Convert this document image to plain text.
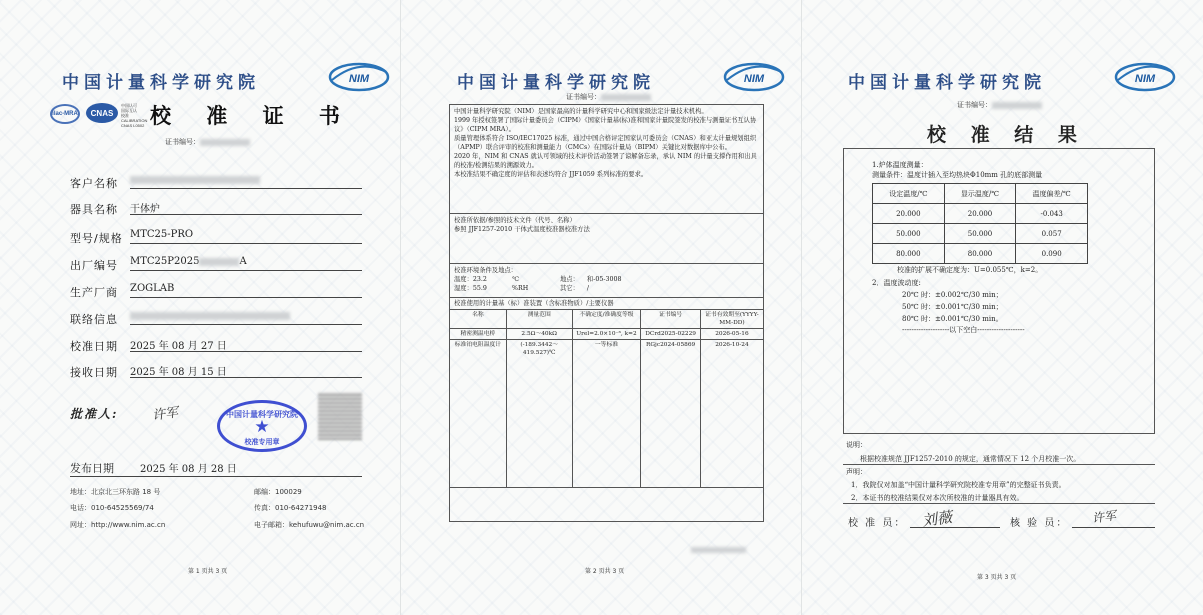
中国计量科学研究院	NIM
ilac-MRA	CNAS
中国认可
国际互认
校准
CALIBRATION
CNAS L0502 校 准 证 书
证书编号：
客户名称
器具名称 干体炉
型号/规格 MTC25-PRO
出厂编号 MTC25P2025	A
生产厂商 ZOGLAB
联络信息
校准日期 2025 年 08 月 27 日
接收日期 2025 年 08 月 15 日
批准人:	许军	中国计量科学研究院
★
校准专用章
发布日期	2025 年 08 月 28 日
地址：北京北三环东路 18 号	邮编：100029
电话：010-64525569/74	传真：010-64271948
网址：http://www.nim.ac.cn	电子邮箱：kehufuwu@nim.ac.cn
第 1 页共 3 页
中国计量科学研究院	NIM
证书编号：
中国计量科学研究院（NIM）是国家最高的计量科学研究中心和国家级法定计量技术机构。
1999 年授权签署了国际计量委员会（CIPM）《国家计量基(标)准和国家计量院签发的校准与测量证书互认协议》（CIPM MRA）。
质量管理体系符合 ISO/IEC17025 标准，通过中国合格评定国家认可委员会（CNAS）和亚太计量规划组织（APMP）联合评审的校准和测量能力（CMCs）在国际计量局（BIPM）关键比对数据库中公布。
2020 年，NIM 和 CNAS 就认可领域的技术评价活动签署了谅解备忘录，承认 NIM 的计量支撑作用和出具的校准/检测结果的溯源效力。
本校准结果不确定度的评估和表述均符合 JJF1059 系列标准的要求。
校准所依据/参照的技术文件（代号、名称）
参照 JJF1257-2010 干体式温度校准器校准方法
校准环境条件及地点：
温度：23.2	℃	地点： 和-05-3008
湿度：55.9	%RH	其它： /
校准使用的计量基（标）准装置（含标准物质）/主要仪器
名称	测量范围	不确定度/准确度等级	证书编号	证书有效期至(YYYY-MM-DD)
精密测温电桥	2.5Ω～40kΩ	Urel=2.0×10⁻⁶, k=2	DCrd2025-02229	2026-05-16
标准铂电阻温度计	(-189.3442～419.527)℃	一等标准	RGjc2024-05869	2026-10-24
第 2 页共 3 页
中国计量科学研究院	NIM
证书编号：
校 准 结 果
1.炉体温度测量：
测量条件：温度计插入至均热块Φ10mm 孔的底部测量
设定温度/℃	显示温度/℃	温度偏差/℃
20.000	20.000	-0.043
50.000	50.000	0.057
80.000	80.000	0.090
校准的扩展不确定度为：U=0.055℃，k=2。
2．温度波动度:
20℃ 时：±0.002℃/30 min；
50℃ 时：±0.001℃/30 min；
80℃ 时：±0.001℃/30 min。
--------------------以下空白--------------------
说明：
根据校准规范 JJF1257-2010 的规定，通常情况下 12 个月校准一次。
声明：
1．我院仅对加盖“中国计量科学研究院校准专用章”的完整证书负责。
2．本证书的校准结果仅对本次所校准的计量器具有效。
校 准 员： 刘薇	核 验 员： 许军
第 3 页共 3 页
